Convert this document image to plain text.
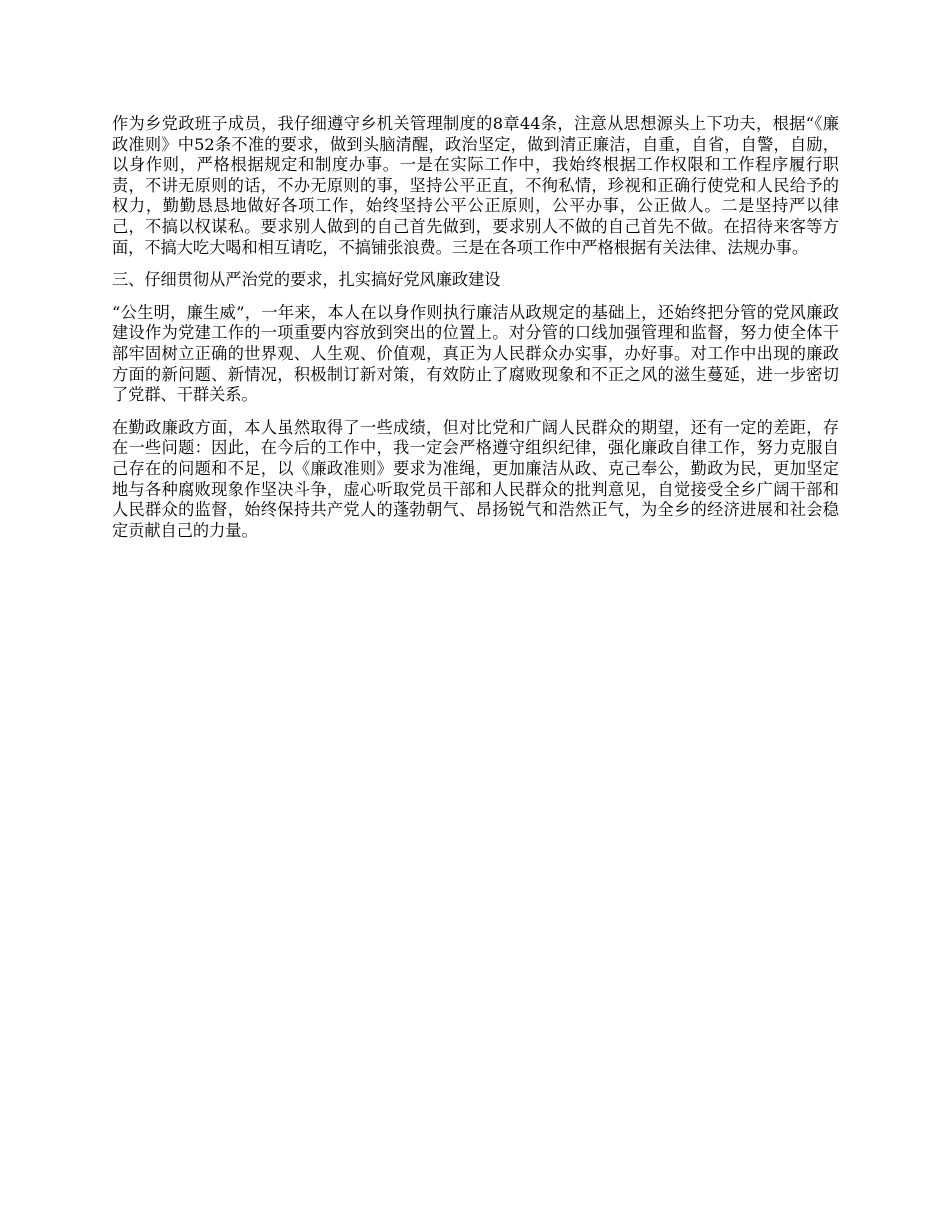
作为乡党政班子成员，我仔细遵守乡机关管理制度的8章44条，注意从思想源头上下功夫，根据“《廉政准则》中52条不准的要求，做到头脑清醒，政治坚定，做到清正廉洁，自重，自省，自警，自励，以身作则，严格根据规定和制度办事。一是在实际工作中，我始终根据工作权限和工作程序履行职责，不讲无原则的话，不办无原则的事，坚持公平正直，不徇私情，珍视和正确行使党和人民给予的权力，勤勤恳恳地做好各项工作，始终坚持公平公正原则，公平办事，公正做人。二是坚持严以律己，不搞以权谋私。要求别人做到的自己首先做到，要求别人不做的自己首先不做。在招待来客等方面，不搞大吃大喝和相互请吃，不搞铺张浪费。三是在各项工作中严格根据有关法律、法规办事。

三、仔细贯彻从严治党的要求，扎实搞好党风廉政建设

“公生明，廉生威”，一年来，本人在以身作则执行廉洁从政规定的基础上，还始终把分管的党风廉政建设作为党建工作的一项重要内容放到突出的位置上。对分管的口线加强管理和监督，努力使全体干部牢固树立正确的世界观、人生观、价值观，真正为人民群众办实事，办好事。对工作中出现的廉政方面的新问题、新情况，积极制订新对策，有效防止了腐败现象和不正之风的滋生蔓延，进一步密切了党群、干群关系。

在勤政廉政方面，本人虽然取得了一些成绩，但对比党和广阔人民群众的期望，还有一定的差距，存在一些问题：因此，在今后的工作中，我一定会严格遵守组织纪律，强化廉政自律工作，努力克服自己存在的问题和不足，以《廉政准则》要求为准绳，更加廉洁从政、克己奉公，勤政为民，更加坚定地与各种腐败现象作坚决斗争，虚心听取党员干部和人民群众的批判意见，自觉接受全乡广阔干部和人民群众的监督，始终保持共产党人的蓬勃朝气、昂扬锐气和浩然正气，为全乡的经济进展和社会稳定贡献自己的力量。
